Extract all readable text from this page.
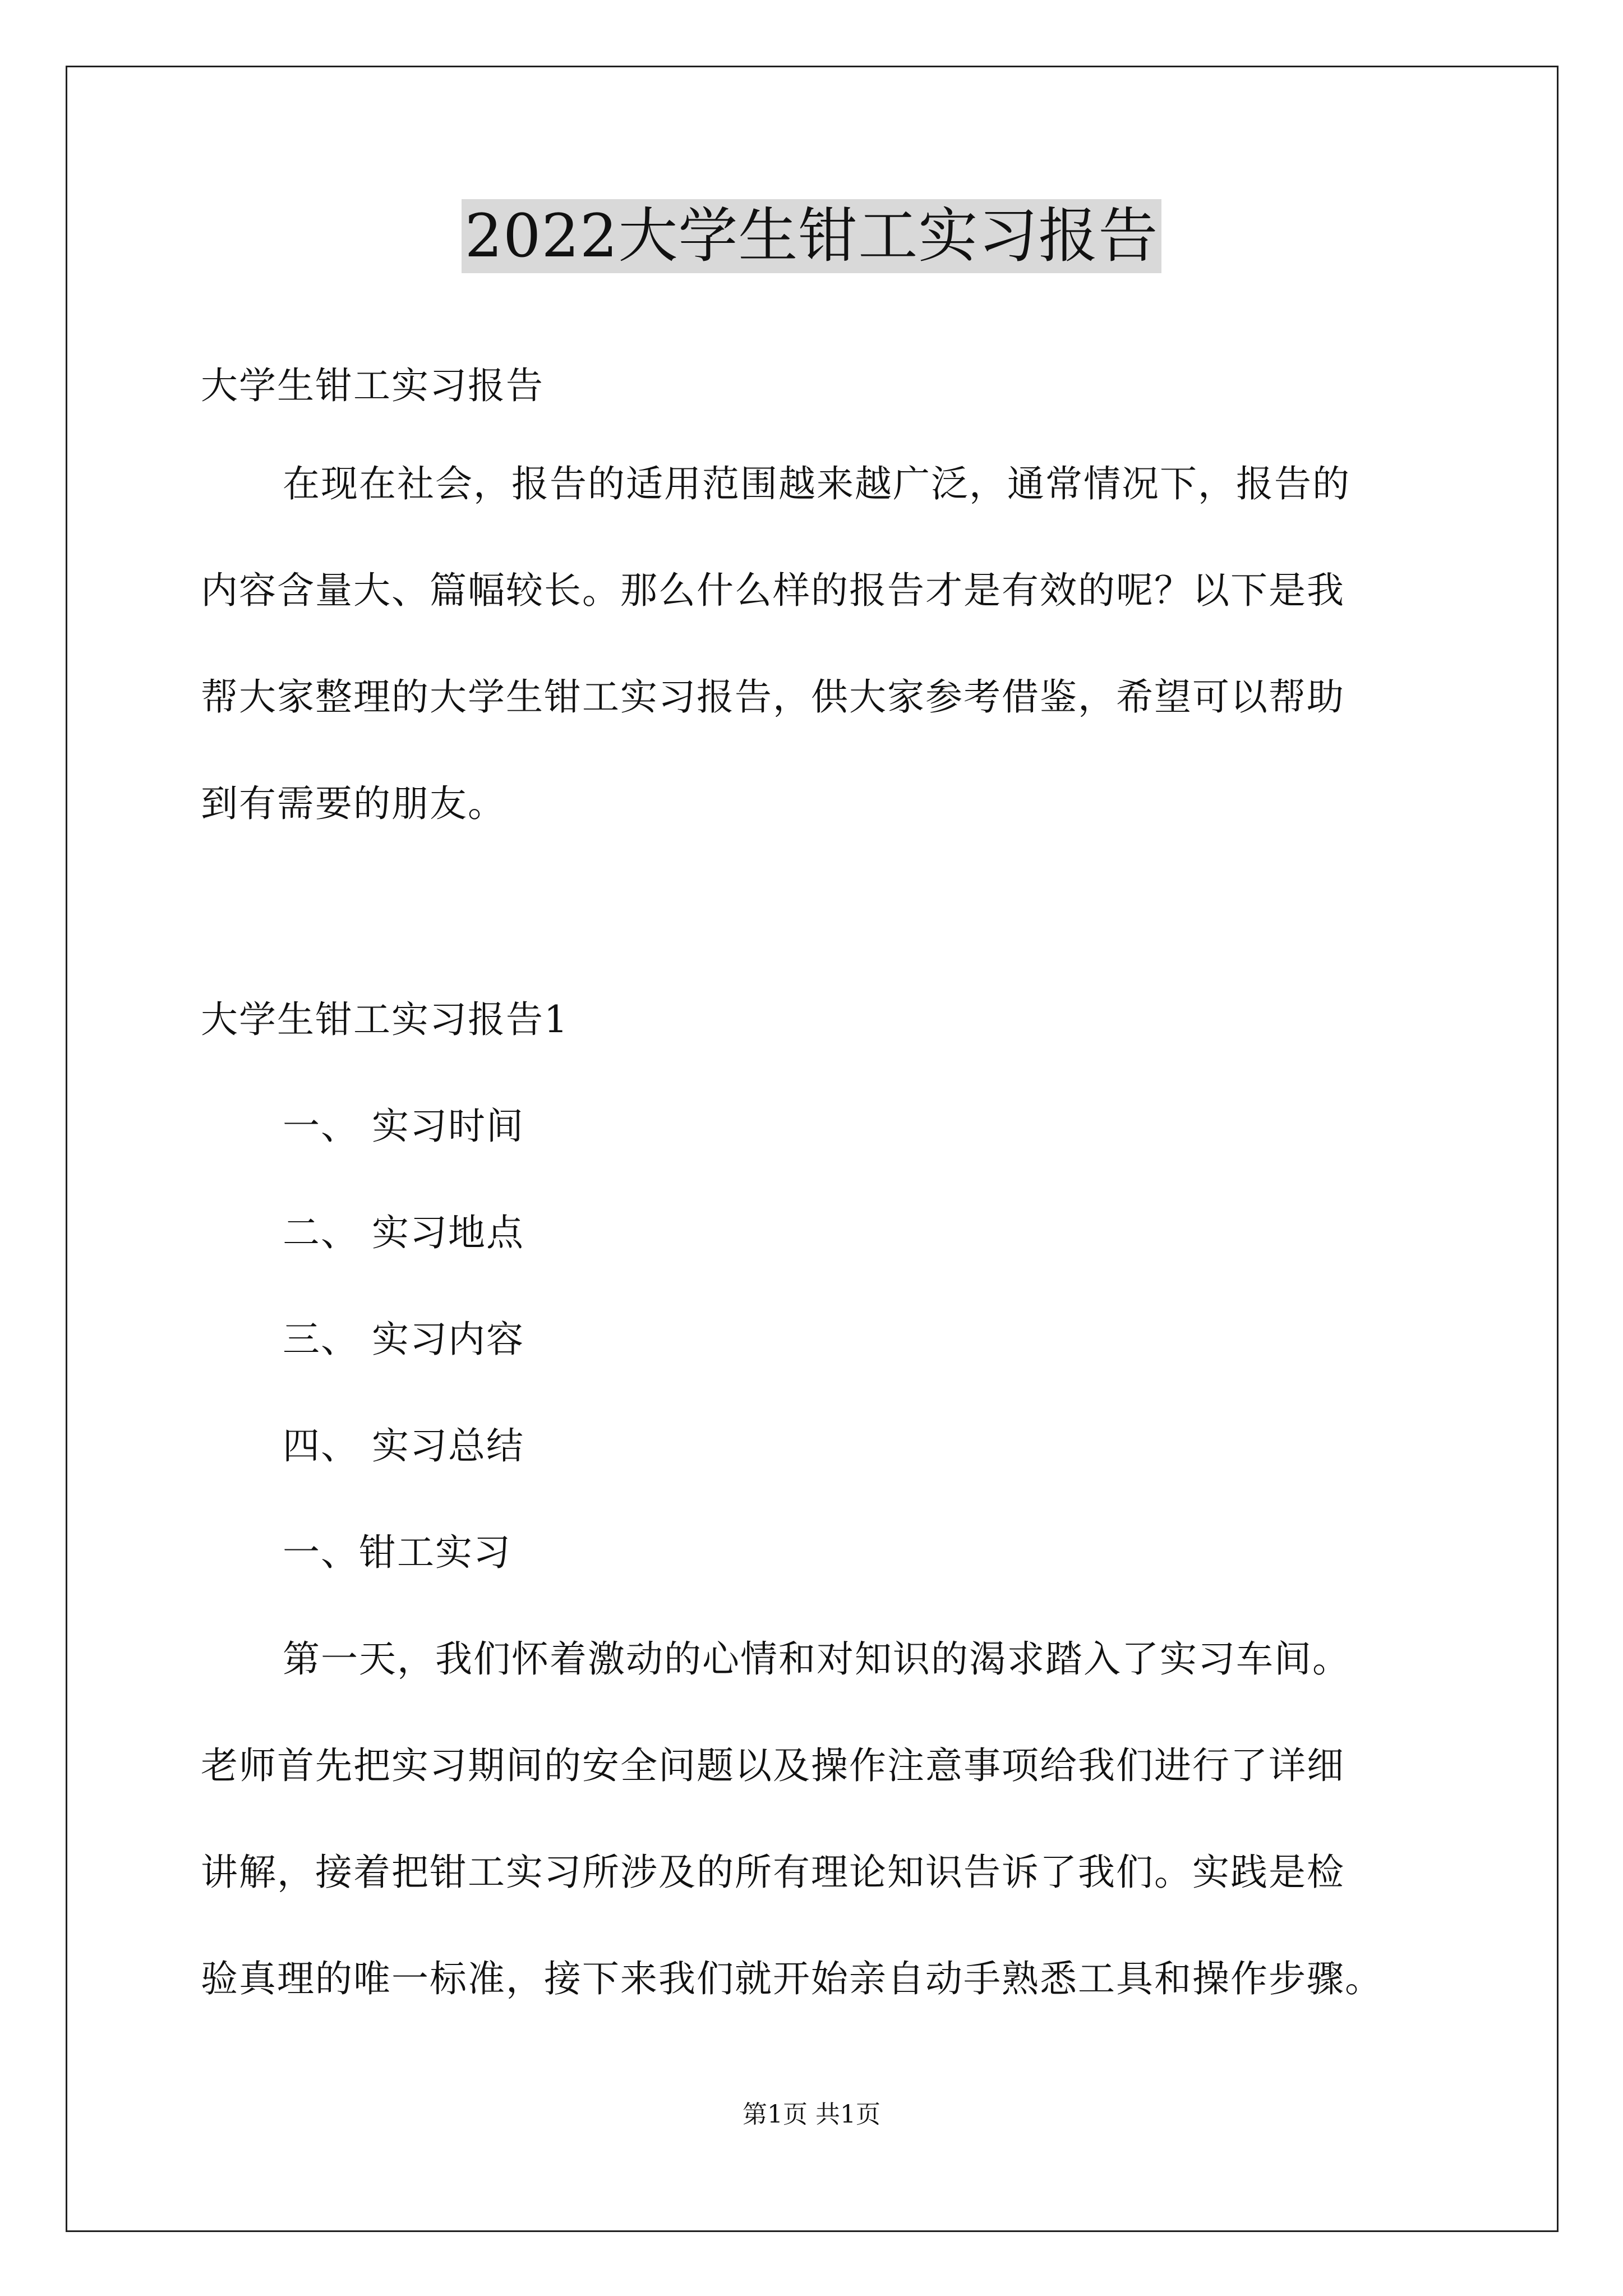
2022大学生钳工实习报告
大学生钳工实习报告
在现在社会，报告的适用范围越来越广泛，通常情况下，报告的
内容含量大、篇幅较长。那么什么样的报告才是有效的呢？以下是我
帮大家整理的大学生钳工实习报告，供大家参考借鉴，希望可以帮助
到有需要的朋友。
大学生钳工实习报告1
一、 实习时间
二、 实习地点
三、 实习内容
四、 实习总结
一、钳工实习
第一天，我们怀着激动的心情和对知识的渴求踏入了实习车间。
老师首先把实习期间的安全问题以及操作注意事项给我们进行了详细
讲解，接着把钳工实习所涉及的所有理论知识告诉了我们。实践是检
验真理的唯一标准，接下来我们就开始亲自动手熟悉工具和操作步骤。
第1页 共1页
